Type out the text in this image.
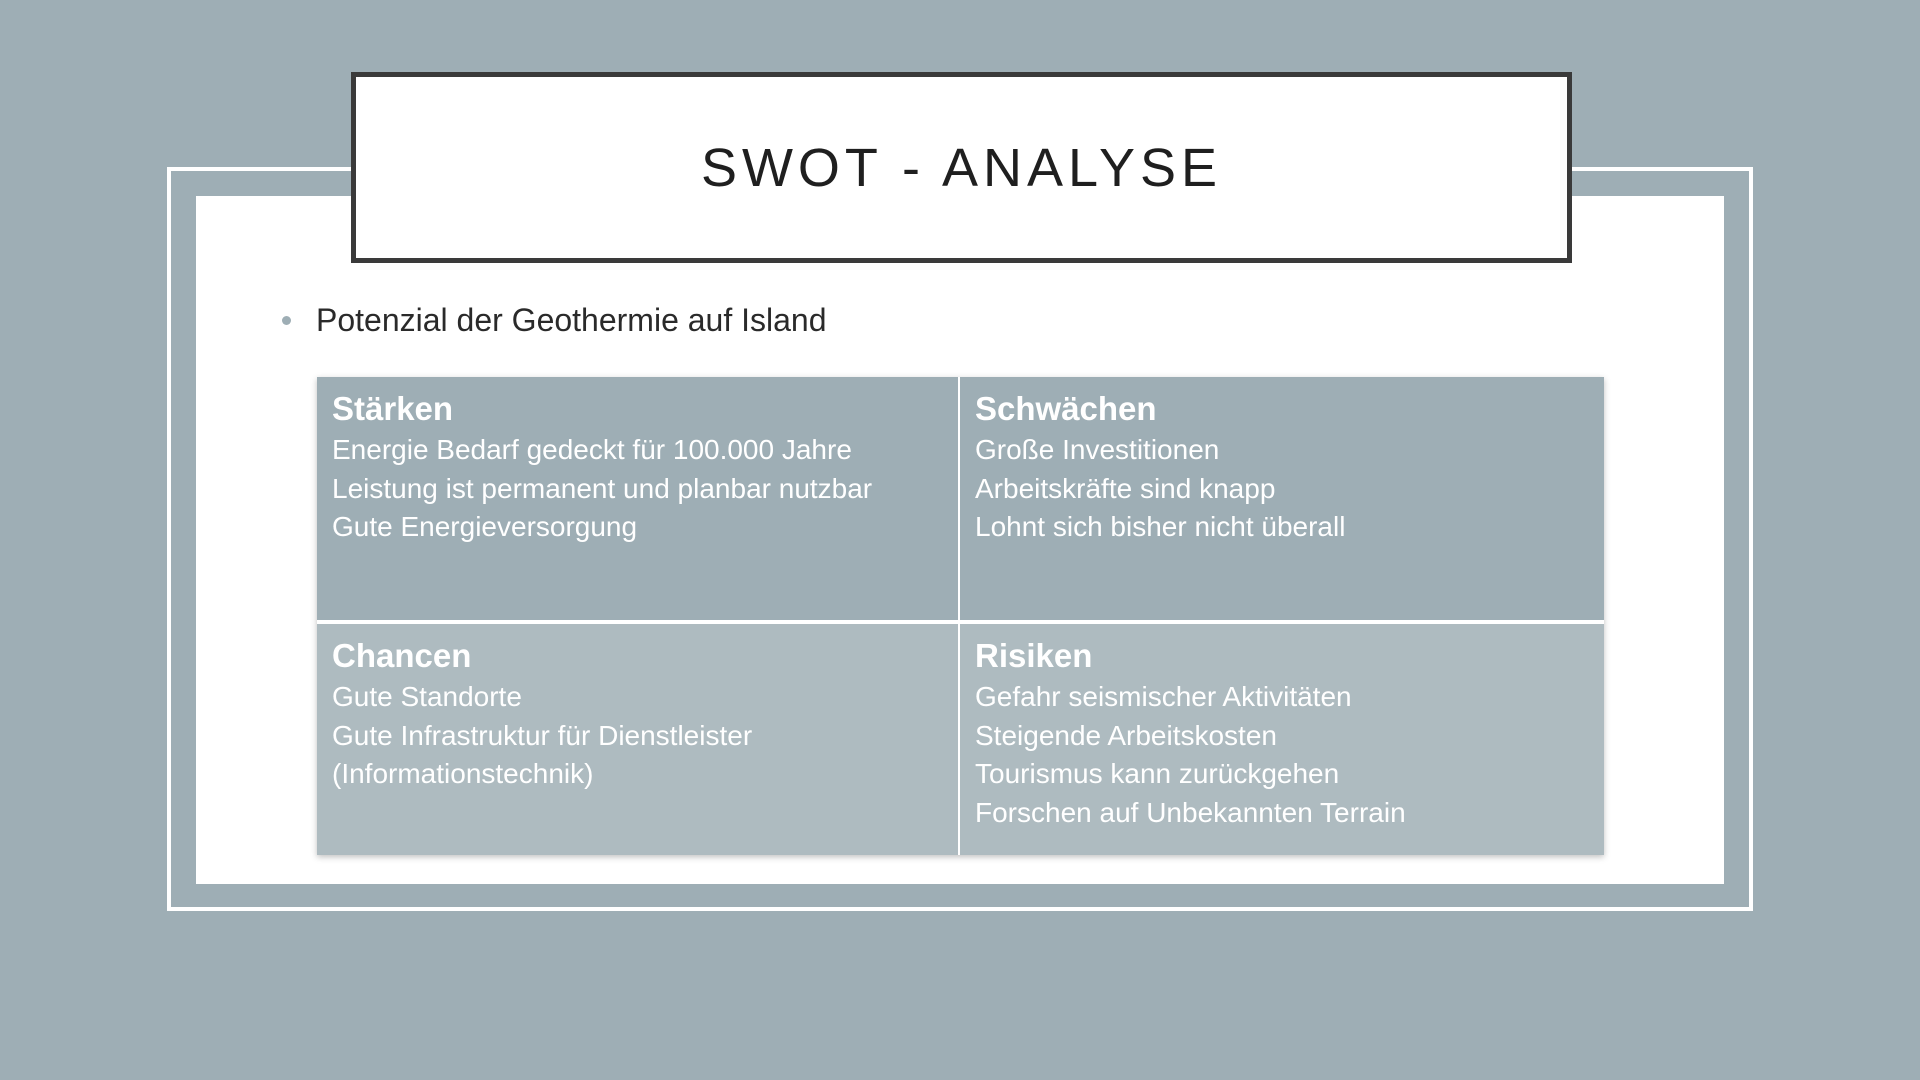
SWOT - ANALYSE
Potenzial der Geothermie auf Island
Stärken
Energie Bedarf gedeckt für 100.000 Jahre
Leistung ist permanent und planbar nutzbar
Gute Energieversorgung
Schwächen
Große Investitionen
Arbeitskräfte sind knapp
Lohnt sich bisher nicht überall
Chancen
Gute Standorte
Gute Infrastruktur für Dienstleister
(Informationstechnik)
Risiken
Gefahr seismischer Aktivitäten
Steigende Arbeitskosten
Tourismus kann zurückgehen
Forschen auf Unbekannten Terrain
